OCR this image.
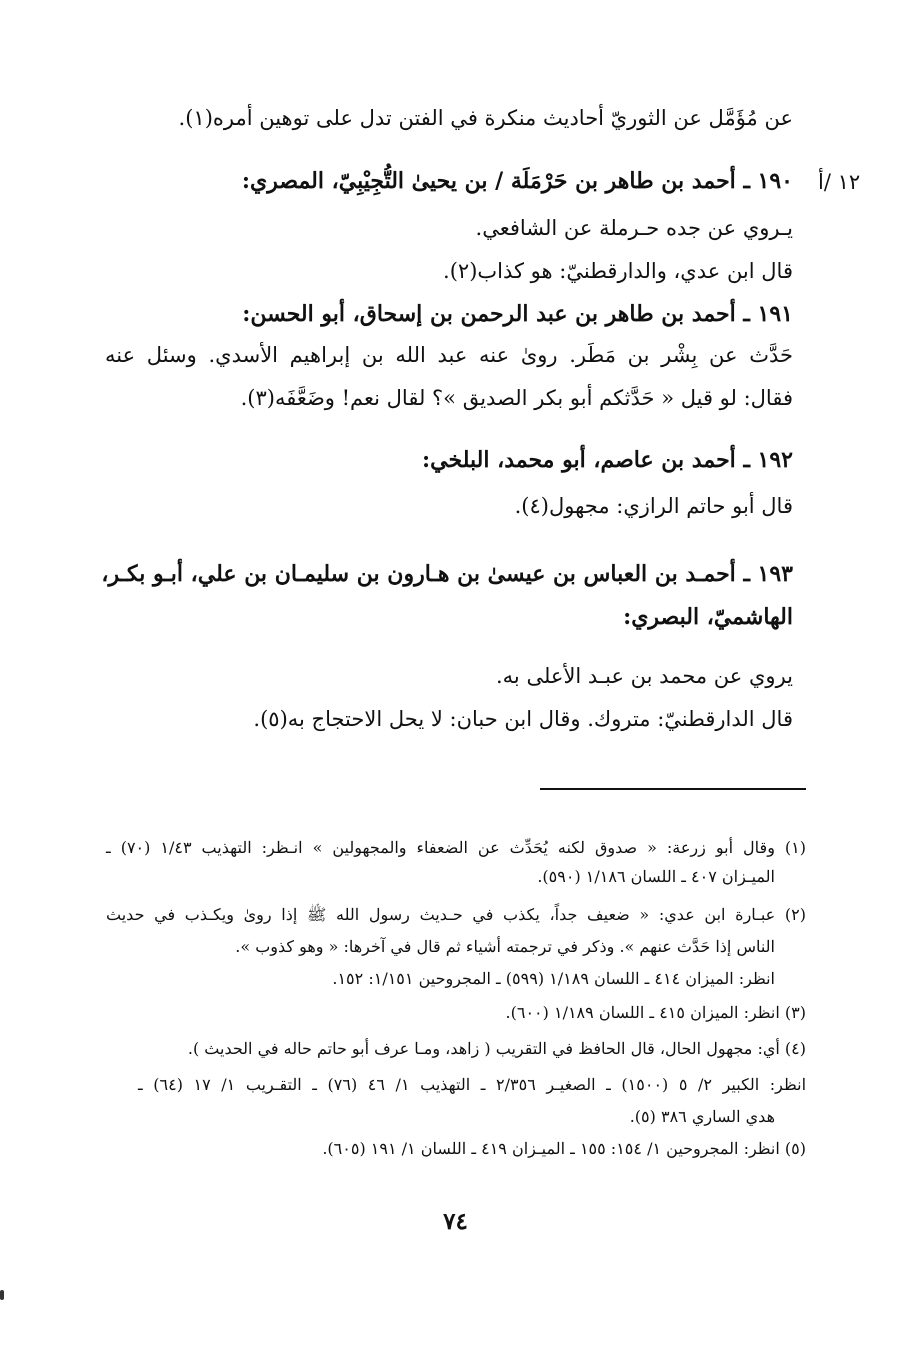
عن مُؤَمَّل عن الثوريّ أحاديث منكرة في الفتن تدل على توهين أمره(١).
١٢ /أ
١٩٠ ـ أحمد بن طاهر بن حَرْمَلَة / بن يحيىٰ التُّجِيْبِيّ، المصري:
يـروي عن جده حـرملة عن الشافعي.
قال ابن عدي، والدارقطنيّ: هو كذاب(٢).
١٩١ ـ أحمد بن طاهر بن عبد الرحمن بن إسحاق، أبو الحسن:
حَدَّث عن بِشْر بن مَطَر. روىٰ عنه عبد الله بن إبراهيم الأسدي. وسئل عنه
فقال: لو قيل « حَدَّثكم أبو بكر الصديق »؟ لقال نعم! وضَعَّفَه(٣).
١٩٢ ـ أحمد بن عاصم، أبو محمد، البلخي:
قال أبو حاتم الرازي: مجهول(٤).
١٩٣ ـ أحمـد بن العباس بن عيسىٰ بن هـارون بن سليمـان بن علي، أبـو بكـر،
الهاشميّ، البصري:
يروي عن محمد بن عبـد الأعلى به.
قال الدارقطنيّ: متروك. وقال ابن حبان: لا يحل الاحتجاج به(٥).
(١) وقال أبو زرعة: « صدوق لكنه يُحَدِّث عن الضعفاء والمجهولين » انـظر: التهذيب ١/٤٣ (٧٠) ـ
الميـزان ٤٠٧ ـ اللسان ١/١٨٦ (٥٩٠).
(٢) عبـارة ابن عدي: « ضعيف جداً، يكذب في حـديث رسول الله ﷺ إذا روىٰ ويكـذب في حديث
الناس إذا حَدَّث عنهم ». وذكر في ترجمته أشياء ثم قال في آخرها: « وهو كذوب ».
انظر: الميزان ٤١٤ ـ اللسان ١/١٨٩ (٥٩٩) ـ المجروحين ١/١٥١: ١٥٢.
(٣) انظر: الميزان ٤١٥ ـ اللسان ١/١٨٩ (٦٠٠).
(٤) أي: مجهول الحال، قال الحافظ في التقريب ( زاهد، ومـا عرف أبو حاتم حاله في الحديث ).
انظر: الكبير ٢/ ٥ (١٥٠٠) ـ الصغيـر ٢/٣٥٦ ـ التهذيب ١/ ٤٦ (٧٦) ـ التقـريب ١/ ١٧ (٦٤) ـ
هدي الساري ٣٨٦ (٥).
(٥) انظر: المجروحين ١/ ١٥٤: ١٥٥ ـ الميـزان ٤١٩ ـ اللسان ١/ ١٩١ (٦٠٥).
٧٤
